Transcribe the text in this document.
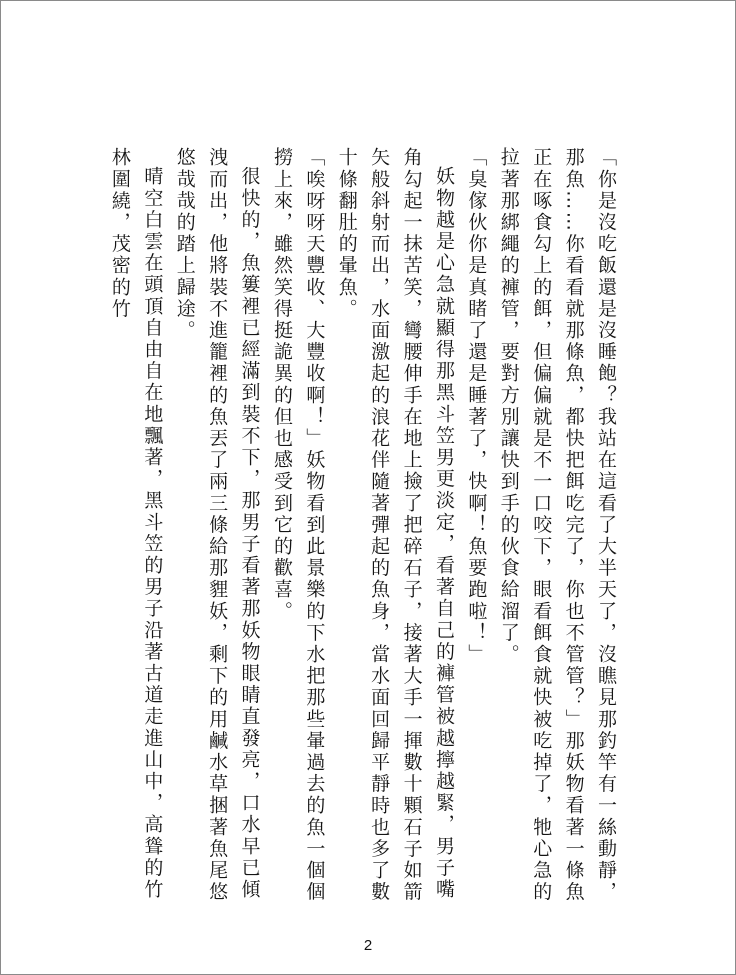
「你是沒吃飯還是沒睡飽？我站在這看了大半天了，沒瞧見那釣竿有一絲動靜，那魚……你看看就那條魚，都快把餌吃完了，你也不管管？」那妖物看著一條魚正在啄食勾上的餌，但偏偏就是不一口咬下，眼看餌食就快被吃掉了，牠心急的拉著那綁繩的褲管，要對方別讓快到手的伙食給溜了。

「臭傢伙你是真睹了還是睡著了，快啊！魚要跑啦！」

妖物越是心急就顯得那黑斗笠男更淡定，看著自己的褲管被越擰越緊，男子嘴角勾起一抹苦笑，彎腰伸手在地上撿了把碎石子，接著大手一揮數十顆石子如箭矢般斜射而出，水面激起的浪花伴隨著彈起的魚身，當水面回歸平靜時也多了數十條翻肚的暈魚。

「唉呀呀天豐收、大豐收啊！」妖物看到此景樂的下水把那些暈過去的魚一個個撈上來，雖然笑得挺詭異的但也感受到它的歡喜。

很快的，魚簍裡已經滿到裝不下，那男子看著那妖物眼睛直發亮，口水早已傾洩而出，他將裝不進籠裡的魚丟了兩三條給那貍妖，剩下的用鹹水草捆著魚尾悠悠哉哉的踏上歸途。

晴空白雲在頭頂自由自在地飄著，黑斗笠的男子沿著古道走進山中，高聳的竹林圍繞，茂密的竹

2
